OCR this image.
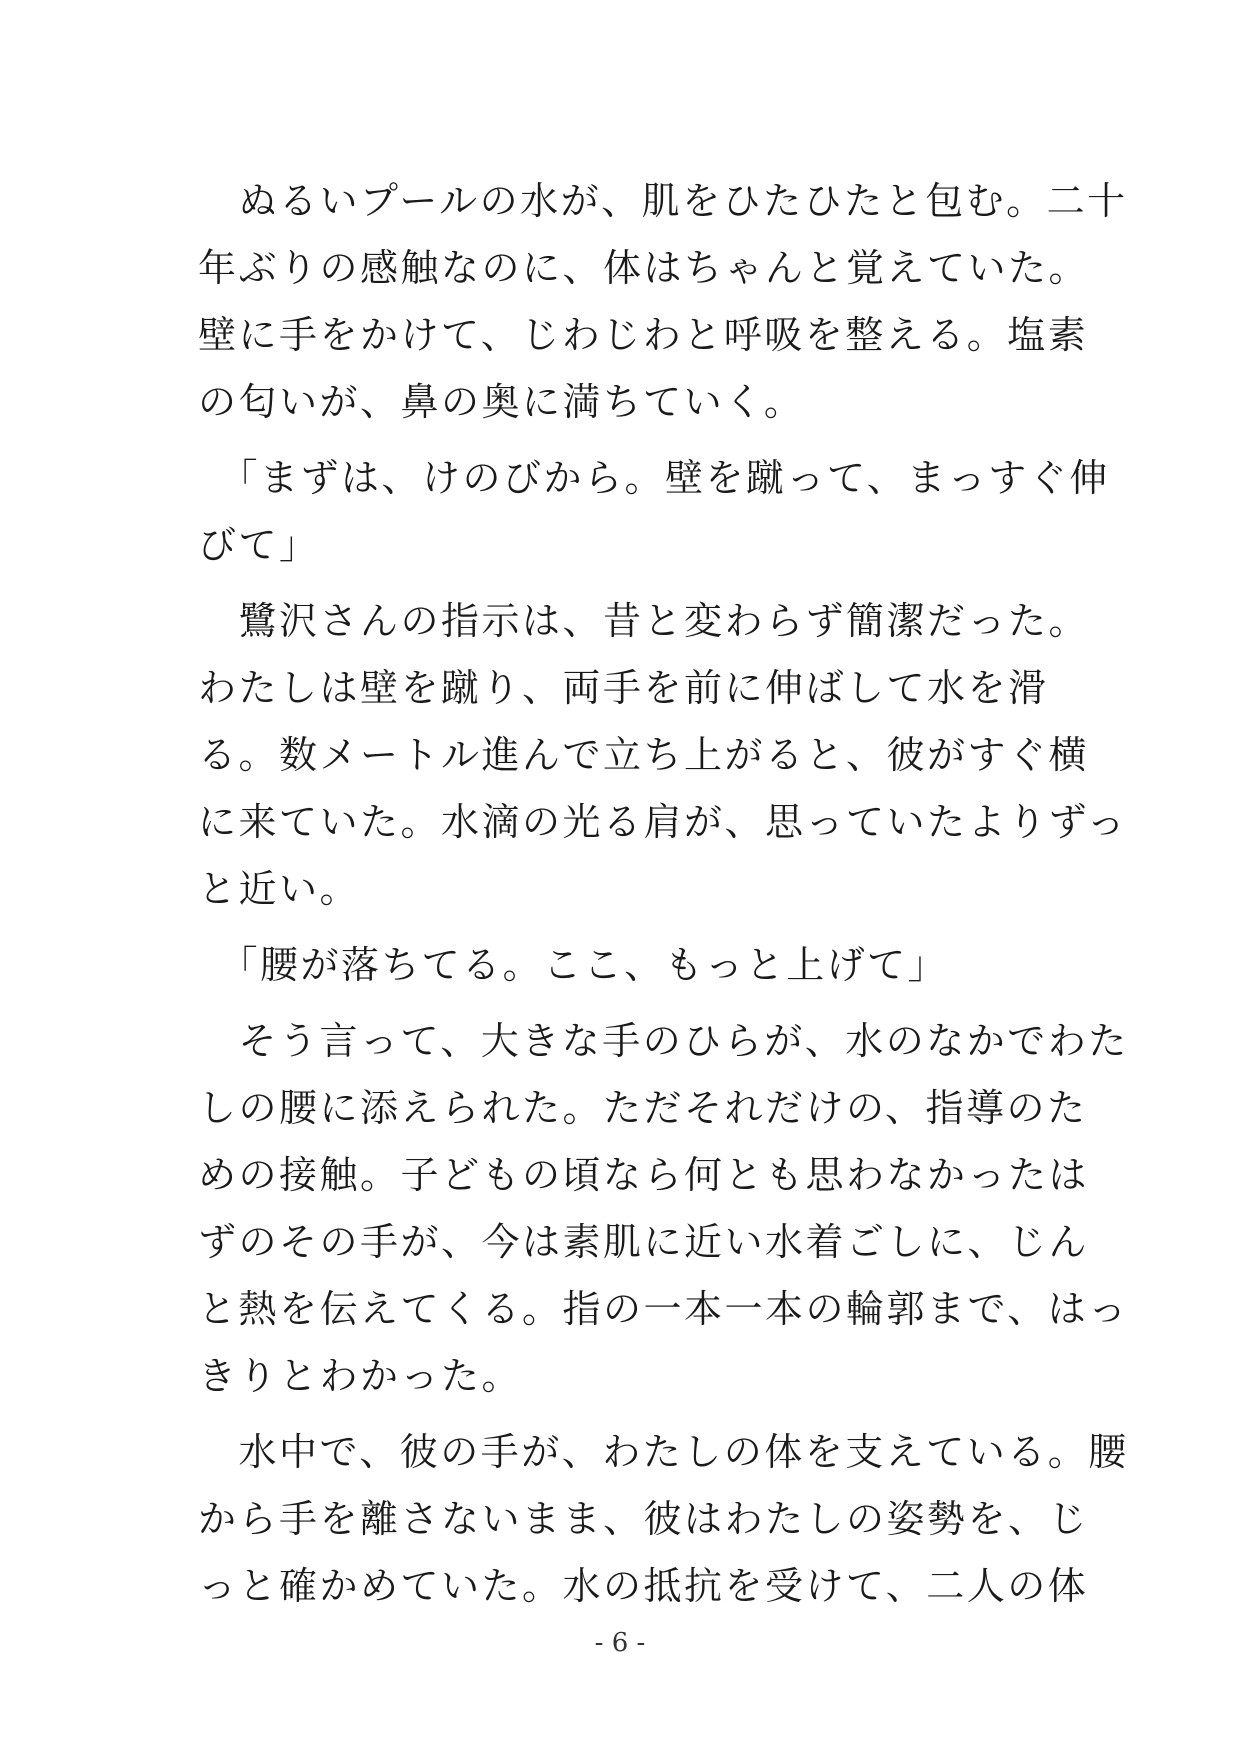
　ぬるいプールの水が、肌をひたひたと包む。二十
年ぶりの感触なのに、体はちゃんと覚えていた。
壁に手をかけて、じわじわと呼吸を整える。塩素
の匂いが、鼻の奥に満ちていく。
　「まずは、けのびから。壁を蹴って、まっすぐ伸
びて」
　鷺沢さんの指示は、昔と変わらず簡潔だった。
わたしは壁を蹴り、両手を前に伸ばして水を滑
る。数メートル進んで立ち上がると、彼がすぐ横
に来ていた。水滴の光る肩が、思っていたよりずっ
と近い。
　「腰が落ちてる。ここ、もっと上げて」
　そう言って、大きな手のひらが、水のなかでわた
しの腰に添えられた。ただそれだけの、指導のた
めの接触。子どもの頃なら何とも思わなかったは
ずのその手が、今は素肌に近い水着ごしに、じん
と熱を伝えてくる。指の一本一本の輪郭まで、はっ
きりとわかった。
　水中で、彼の手が、わたしの体を支えている。腰
から手を離さないまま、彼はわたしの姿勢を、じ
っと確かめていた。水の抵抗を受けて、二人の体
- 6 -
